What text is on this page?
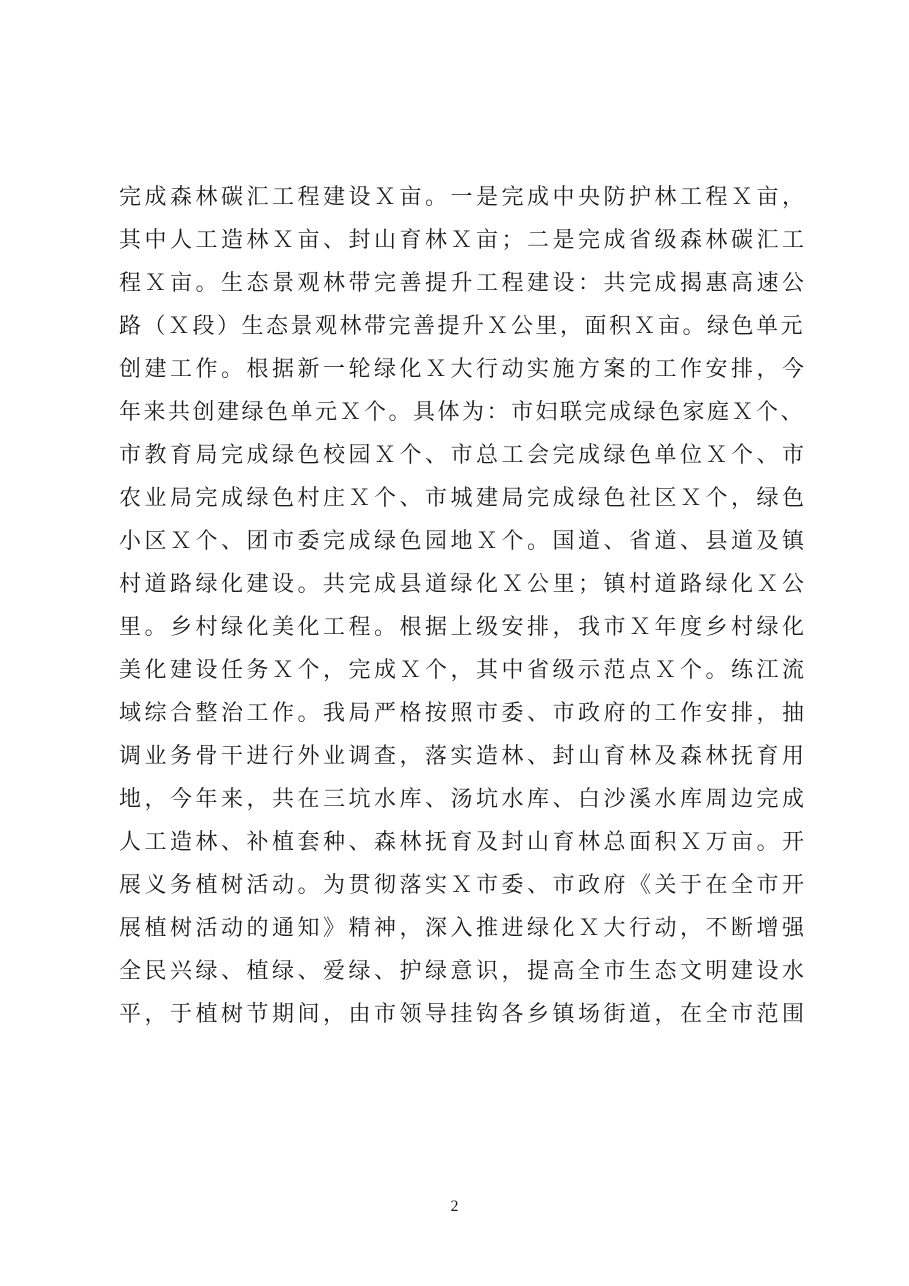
完成森林碳汇工程建设Ｘ亩。一是完成中央防护林工程Ｘ亩，
其中人工造林Ｘ亩、封山育林Ｘ亩；二是完成省级森林碳汇工
程Ｘ亩。生态景观林带完善提升工程建设：共完成揭惠高速公
路（Ｘ段）生态景观林带完善提升Ｘ公里，面积Ｘ亩。绿色单元
创建工作。根据新一轮绿化Ｘ大行动实施方案的工作安排，今
年来共创建绿色单元Ｘ个。具体为：市妇联完成绿色家庭Ｘ个、
市教育局完成绿色校园Ｘ个、市总工会完成绿色单位Ｘ个、市
农业局完成绿色村庄Ｘ个、市城建局完成绿色社区Ｘ个，绿色
小区Ｘ个、团市委完成绿色园地Ｘ个。国道、省道、县道及镇
村道路绿化建设。共完成县道绿化Ｘ公里；镇村道路绿化Ｘ公
里。乡村绿化美化工程。根据上级安排，我市Ｘ年度乡村绿化
美化建设任务Ｘ个，完成Ｘ个，其中省级示范点Ｘ个。练江流
域综合整治工作。我局严格按照市委、市政府的工作安排，抽
调业务骨干进行外业调查，落实造林、封山育林及森林抚育用
地，今年来，共在三坑水库、汤坑水库、白沙溪水库周边完成
人工造林、补植套种、森林抚育及封山育林总面积Ｘ万亩。开
展义务植树活动。为贯彻落实Ｘ市委、市政府《关于在全市开
展植树活动的通知》精神，深入推进绿化Ｘ大行动，不断增强
全民兴绿、植绿、爱绿、护绿意识，提高全市生态文明建设水
平，于植树节期间，由市领导挂钩各乡镇场街道，在全市范围
2
